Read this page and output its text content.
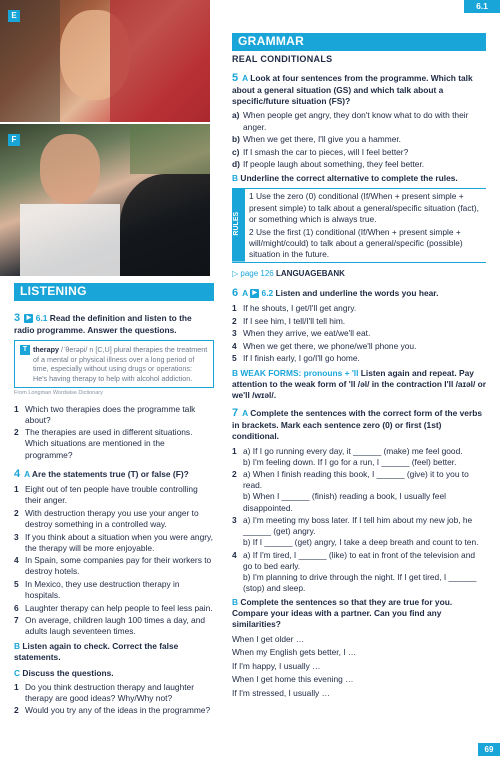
6.1
E
F
LISTENING
3 ▶ 6.1 Read the definition and listen to the radio programme. Answer the questions.
T therapy /ˈθerəpi/ n [C,U] plural therapies the treatment of a mental or physical illness over a long period of time, especially without using drugs or operations: He's having therapy to help with alcohol addiction.
From Longman Wordwise Dictionary
1 Which two therapies does the programme talk about?
2 The therapies are used in different situations. Which situations are mentioned in the programme?
4 A Are the statements true (T) or false (F)?
1 Eight out of ten people have trouble controlling their anger.
2 With destruction therapy you use your anger to destroy something in a controlled way.
3 If you think about a situation when you were angry, the therapy will be more enjoyable.
4 In Spain, some companies pay for their workers to destroy hotels.
5 In Mexico, they use destruction therapy in hospitals.
6 Laughter therapy can help people to feel less pain.
7 On average, children laugh 100 times a day, and adults laugh seventeen times.
B Listen again to check. Correct the false statements.
C Discuss the questions.
1 Do you think destruction therapy and laughter therapy are good ideas? Why/Why not?
2 Would you try any of the ideas in the programme?
GRAMMAR
REAL CONDITIONALS
5 A Look at four sentences from the programme. Which talk about a general situation (GS) and which talk about a specific/future situation (FS)?
a) When people get angry, they don't know what to do with their anger.
b) When we get there, I'll give you a hammer.
c) If I smash the car to pieces, will I feel better?
d) If people laugh about something, they feel better.
B Underline the correct alternative to complete the rules.
RULES
1 Use the zero (0) conditional (If/When + present simple + present simple) to talk about a general/specific situation (fact), or something which is always true.
2 Use the first (1) conditional (If/When + present simple + will/might/could) to talk about a general/specific (possible) situation in the future.
▷ page 126 LANGUAGEBANK
6 A ▶ 6.2 Listen and underline the words you hear.
1 If he shouts, I get/I'll get angry.
2 If I see him, I tell/I'll tell him.
3 When they arrive, we eat/we'll eat.
4 When we get there, we phone/we'll phone you.
5 If I finish early, I go/I'll go home.
B WEAK FORMS: pronouns + 'll Listen again and repeat. Pay attention to the weak form of 'll /əl/ in the contraction I'll /aɪəl/ or we'll /wɪəl/.
7 A Complete the sentences with the correct form of the verbs in brackets. Mark each sentence zero (0) or first (1st) conditional.
1 a) If I go running every day, it ______ (make) me feel good.
b) I'm feeling down. If I go for a run, I ______ (feel) better.
2 a) When I finish reading this book, I ______ (give) it to you to read.
b) When I ______ (finish) reading a book, I usually feel disappointed.
3 a) I'm meeting my boss later. If I tell him about my new job, he ______ (get) angry.
b) If I ______ (get) angry, I take a deep breath and count to ten.
4 a) If I'm tired, I ______ (like) to eat in front of the television and go to bed early.
b) I'm planning to drive through the night. If I get tired, I ______ (stop) and sleep.
B Complete the sentences so that they are true for you. Compare your ideas with a partner. Can you find any similarities?
When I get older …
When my English gets better, I …
If I'm happy, I usually …
When I get home this evening …
If I'm stressed, I usually …
69
